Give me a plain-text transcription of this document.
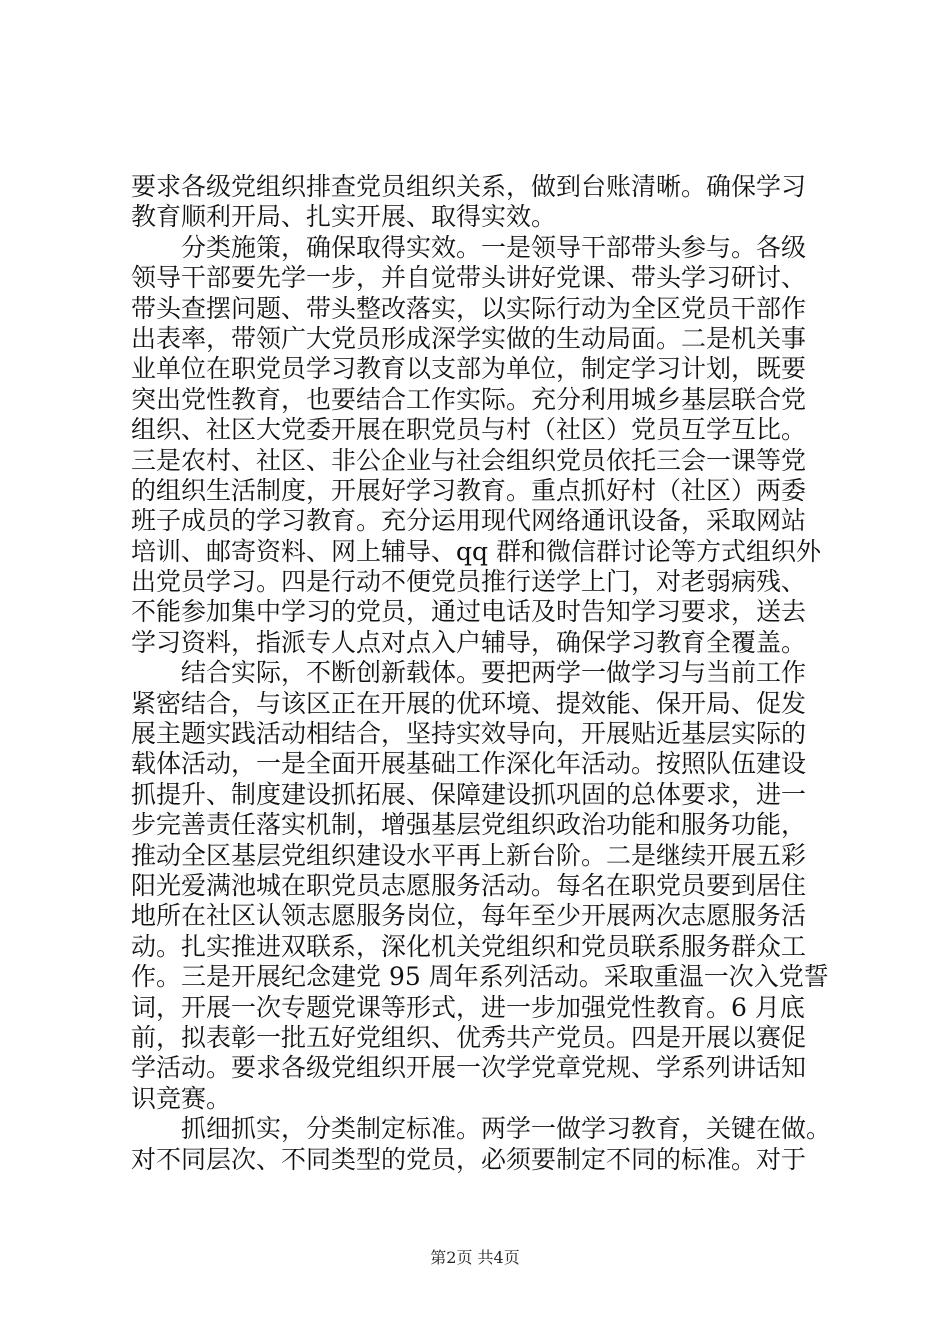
要求各级党组织排查党员组织关系，做到台账清晰。确保学习
教育顺利开局、扎实开展、取得实效。
　　分类施策，确保取得实效。一是领导干部带头参与。各级
领导干部要先学一步，并自觉带头讲好党课、带头学习研讨、
带头查摆问题、带头整改落实，以实际行动为全区党员干部作
出表率，带领广大党员形成深学实做的生动局面。二是机关事
业单位在职党员学习教育以支部为单位，制定学习计划，既要
突出党性教育，也要结合工作实际。充分利用城乡基层联合党
组织、社区大党委开展在职党员与村（社区）党员互学互比。
三是农村、社区、非公企业与社会组织党员依托三会一课等党
的组织生活制度，开展好学习教育。重点抓好村（社区）两委
班子成员的学习教育。充分运用现代网络通讯设备，采取网站
培训、邮寄资料、网上辅导、qq 群和微信群讨论等方式组织外
出党员学习。四是行动不便党员推行送学上门，对老弱病残、
不能参加集中学习的党员，通过电话及时告知学习要求，送去
学习资料，指派专人点对点入户辅导，确保学习教育全覆盖。
　　结合实际，不断创新载体。要把两学一做学习与当前工作
紧密结合，与该区正在开展的优环境、提效能、保开局、促发
展主题实践活动相结合，坚持实效导向，开展贴近基层实际的
载体活动，一是全面开展基础工作深化年活动。按照队伍建设
抓提升、制度建设抓拓展、保障建设抓巩固的总体要求，进一
步完善责任落实机制，增强基层党组织政治功能和服务功能，
推动全区基层党组织建设水平再上新台阶。二是继续开展五彩
阳光爱满池城在职党员志愿服务活动。每名在职党员要到居住
地所在社区认领志愿服务岗位，每年至少开展两次志愿服务活
动。扎实推进双联系，深化机关党组织和党员联系服务群众工
作。三是开展纪念建党 95 周年系列活动。采取重温一次入党誓
词，开展一次专题党课等形式，进一步加强党性教育。6 月底
前，拟表彰一批五好党组织、优秀共产党员。四是开展以赛促
学活动。要求各级党组织开展一次学党章党规、学系列讲话知
识竞赛。
　　抓细抓实，分类制定标准。两学一做学习教育，关键在做。
对不同层次、不同类型的党员，必须要制定不同的标准。对于
第2页 共4页
